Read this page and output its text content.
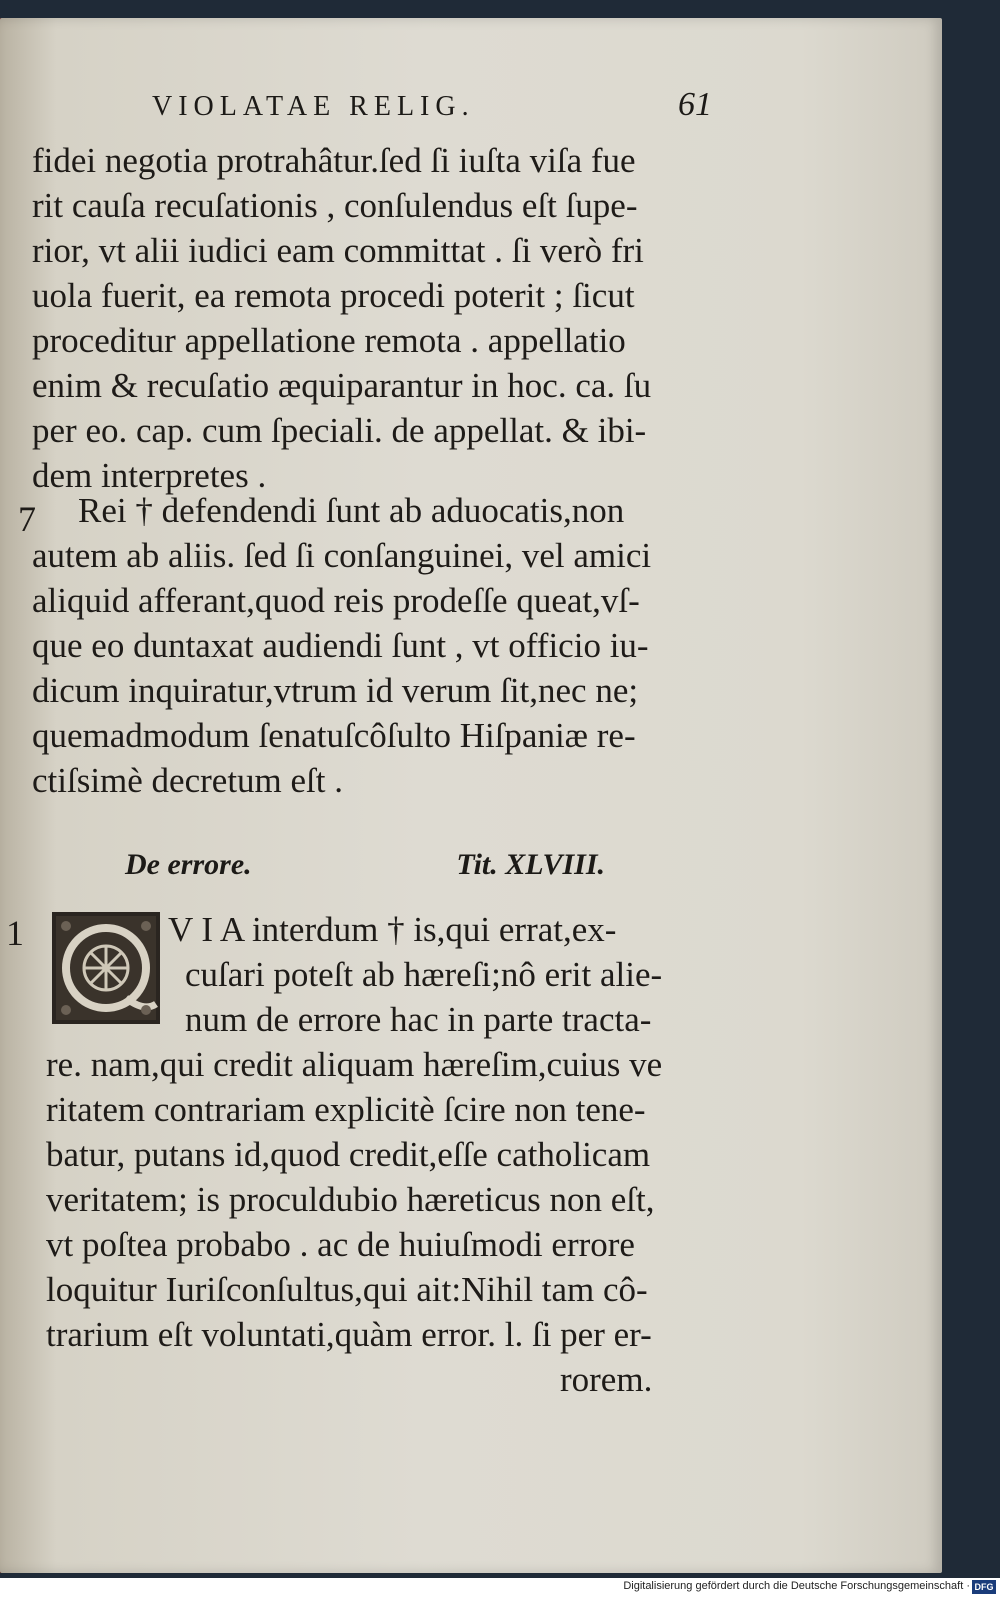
VIOLATAE RELIG.	61
fidei negotia protrahâtur.ſed ſi iuſta viſa fue
rit cauſa recuſationis , conſulendus eſt ſupe-
rior, vt alii iudici eam committat . ſi verò fri
uola fuerit, ea remota procedi poterit ; ſicut
proceditur appellatione remota . appellatio
enim & recuſatio æquiparantur in hoc. ca. ſu
per eo. cap. cum ſpeciali. de appellat. & ibi-
dem interpretes .
7 Rei † defendendi ſunt ab aduocatis,non
autem ab aliis. ſed ſi conſanguinei, vel amici
aliquid afferant,quod reis prodeſſe queat,vſ-
que eo duntaxat audiendi ſunt , vt officio iu-
dicum inquiratur,vtrum id verum ſit,nec ne;
quemadmodum ſenatuſcôſulto Hiſpaniæ re-
ctiſsimè decretum eſt .
De errore.	Tit. XLVIII.
1	V I A interdum † is,qui errat,ex-
cuſari poteſt ab hæreſi;nô erit alie-
num de errore hac in parte tracta-
re. nam,qui credit aliquam hæreſim,cuius ve
ritatem contrariam explicitè ſcire non tene-
batur, putans id,quod credit,eſſe catholicam
veritatem; is proculdubio hæreticus non eſt,
vt poſtea probabo . ac de huiuſmodi errore
loquitur Iuriſconſultus,qui ait:Nihil tam cô-
trarium eſt voluntati,quàm error. l. ſi per er-
rorem.
Digitalisierung gefördert durch die Deutsche Forschungsgemeinschaft · DFG
